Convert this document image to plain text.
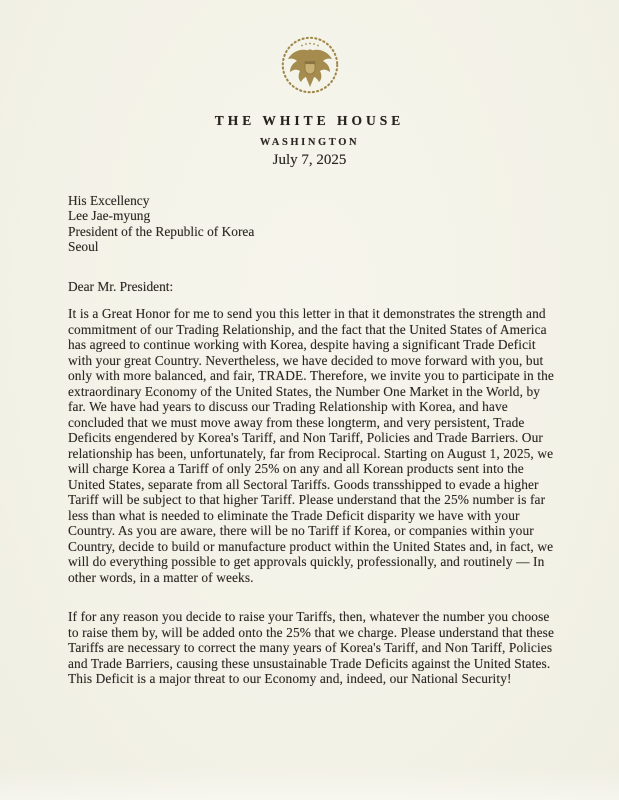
THE WHITE HOUSE
WASHINGTON
July 7, 2025
His Excellency
Lee Jae-myung
President of the Republic of Korea
Seoul
Dear Mr. President:
It is a Great Honor for me to send you this letter in that it demonstrates the strength and
commitment of our Trading Relationship, and the fact that the United States of America
has agreed to continue working with Korea, despite having a significant Trade Deficit
with your great Country. Nevertheless, we have decided to move forward with you, but
only with more balanced, and fair, TRADE. Therefore, we invite you to participate in the
extraordinary Economy of the United States, the Number One Market in the World, by
far. We have had years to discuss our Trading Relationship with Korea, and have
concluded that we must move away from these longterm, and very persistent, Trade
Deficits engendered by Korea's Tariff, and Non Tariff, Policies and Trade Barriers. Our
relationship has been, unfortunately, far from Reciprocal. Starting on August 1, 2025, we
will charge Korea a Tariff of only 25% on any and all Korean products sent into the
United States, separate from all Sectoral Tariffs. Goods transshipped to evade a higher
Tariff will be subject to that higher Tariff. Please understand that the 25% number is far
less than what is needed to eliminate the Trade Deficit disparity we have with your
Country. As you are aware, there will be no Tariff if Korea, or companies within your
Country, decide to build or manufacture product within the United States and, in fact, we
will do everything possible to get approvals quickly, professionally, and routinely — In
other words, in a matter of weeks.
If for any reason you decide to raise your Tariffs, then, whatever the number you choose
to raise them by, will be added onto the 25% that we charge. Please understand that these
Tariffs are necessary to correct the many years of Korea's Tariff, and Non Tariff, Policies
and Trade Barriers, causing these unsustainable Trade Deficits against the United States.
This Deficit is a major threat to our Economy and, indeed, our National Security!
